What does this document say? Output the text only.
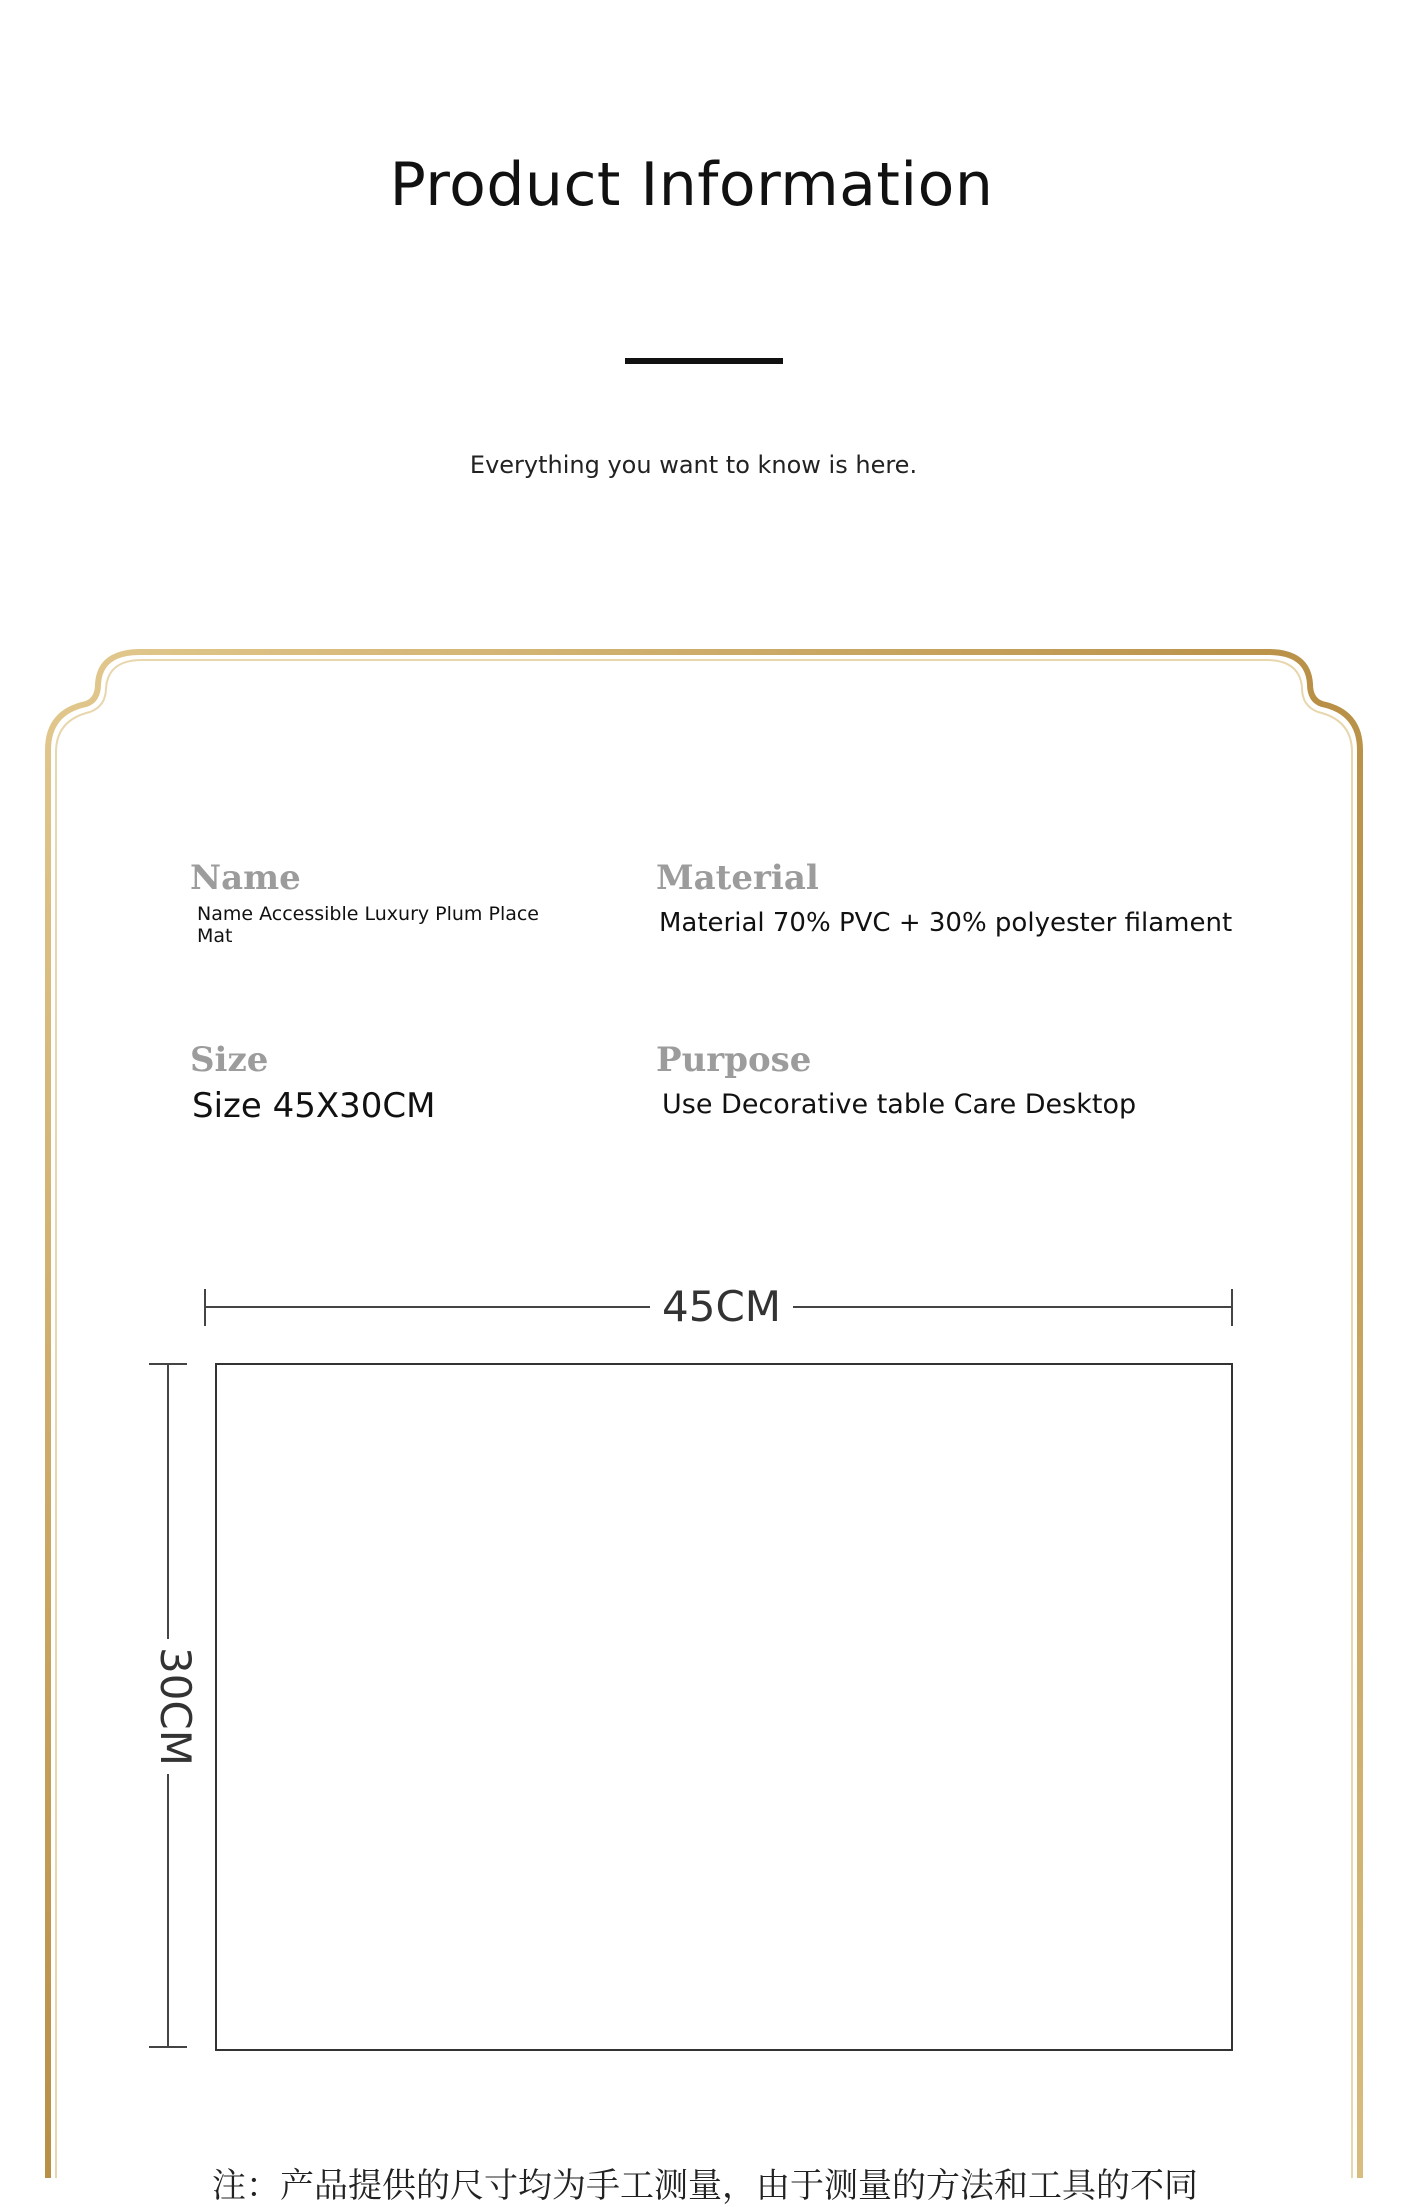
Product Information
Everything you want to know is here.
Name
Name Accessible Luxury Plum Place Mat
Material
Material 70% PVC + 30% polyester filament
Size
Size 45X30CM
Purpose
Use Decorative table Care Desktop
45CM
30CM
注：产品提供的尺寸均为手工测量，由于测量的方法和工具的不同
